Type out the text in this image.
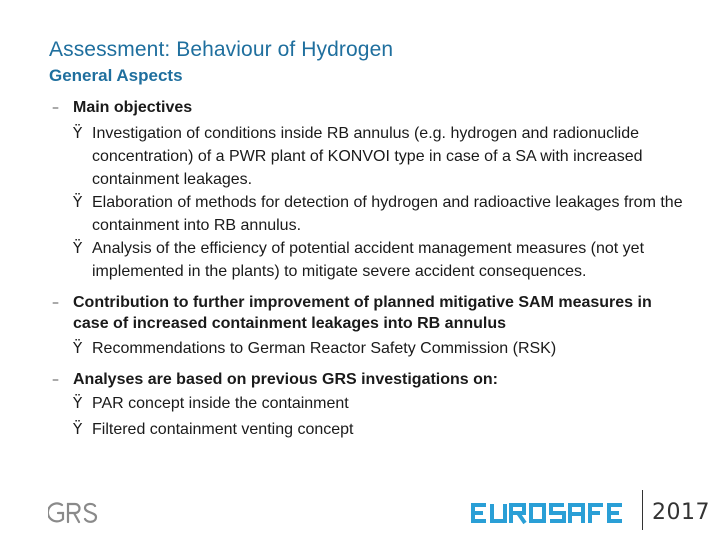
Assessment: Behaviour of Hydrogen
General Aspects
– Main objectives
Ÿ Investigation of conditions inside RB annulus (e.g. hydrogen and radionuclide concentration) of a PWR plant of KONVOI type in case of a SA with increased containment leakages.
Ÿ Elaboration of methods for detection of hydrogen and radioactive leakages from the containment into RB annulus.
Ÿ Analysis of the efficiency of potential accident management measures (not yet implemented in the plants) to mitigate severe accident consequences.
– Contribution to further improvement of planned mitigative SAM measures in case of increased containment leakages into RB annulus
Ÿ Recommendations to German Reactor Safety Commission (RSK)
– Analyses are based on previous GRS investigations on:
Ÿ PAR concept inside the containment
Ÿ Filtered containment venting concept
2017
